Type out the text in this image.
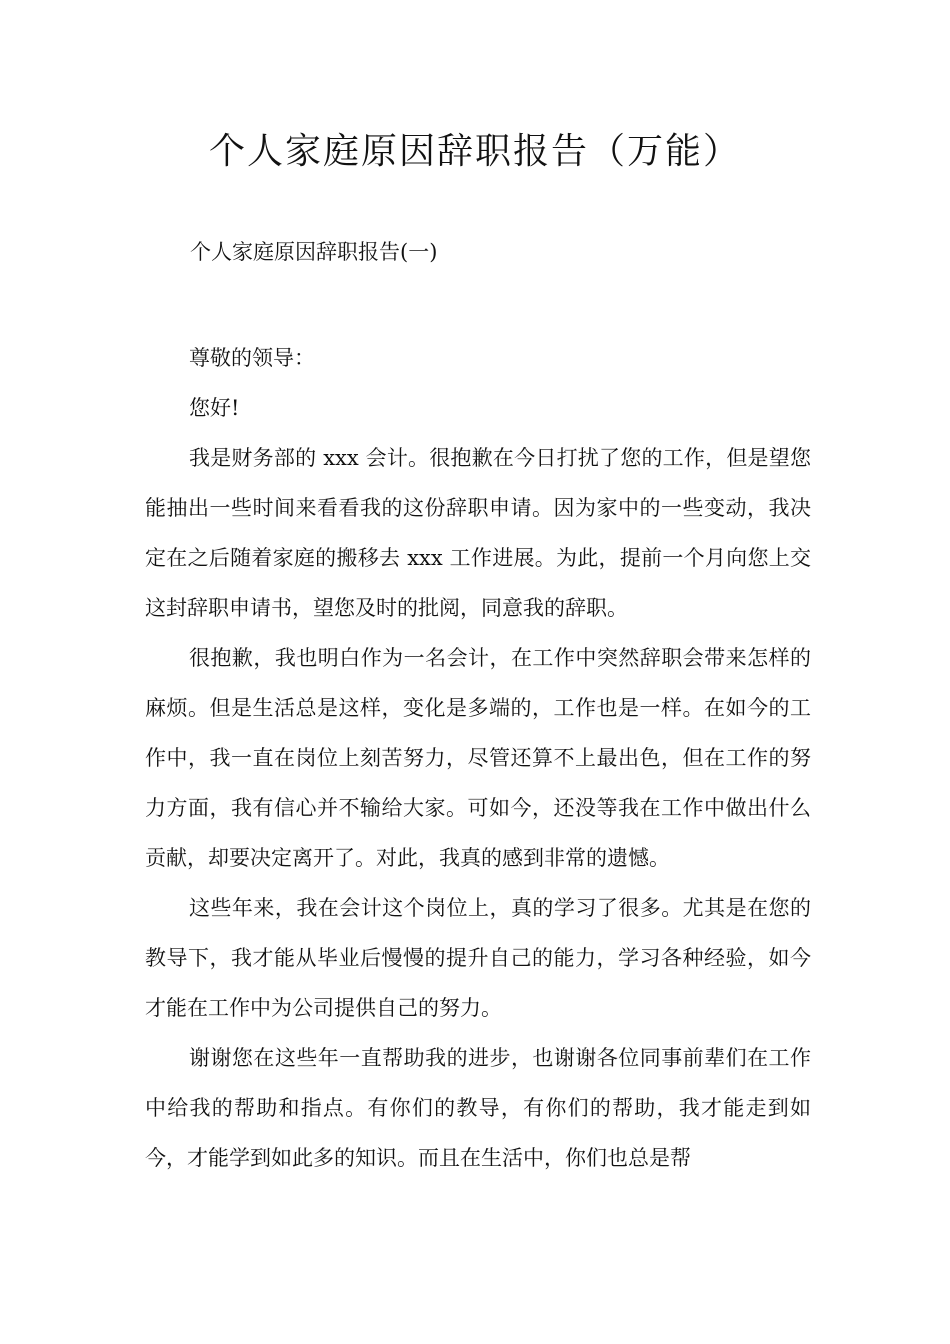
个人家庭原因辞职报告（万能）

个人家庭原因辞职报告(一)

尊敬的领导：

您好!

我是财务部的 xxx 会计。很抱歉在今日打扰了您的工作，但是望您能抽出一些时间来看看我的这份辞职申请。因为家中的一些变动，我决定在之后随着家庭的搬移去 xxx 工作进展。为此，提前一个月向您上交这封辞职申请书，望您及时的批阅，同意我的辞职。

很抱歉，我也明白作为一名会计，在工作中突然辞职会带来怎样的麻烦。但是生活总是这样，变化是多端的，工作也是一样。在如今的工作中，我一直在岗位上刻苦努力，尽管还算不上最出色，但在工作的努力方面，我有信心并不输给大家。可如今，还没等我在工作中做出什么贡献，却要决定离开了。对此，我真的感到非常的遗憾。

这些年来，我在会计这个岗位上，真的学习了很多。尤其是在您的教导下，我才能从毕业后慢慢的提升自己的能力，学习各种经验，如今才能在工作中为公司提供自己的努力。

谢谢您在这些年一直帮助我的进步，也谢谢各位同事前辈们在工作中给我的帮助和指点。有你们的教导，有你们的帮助，我才能走到如今，才能学到如此多的知识。而且在生活中，你们也总是帮
